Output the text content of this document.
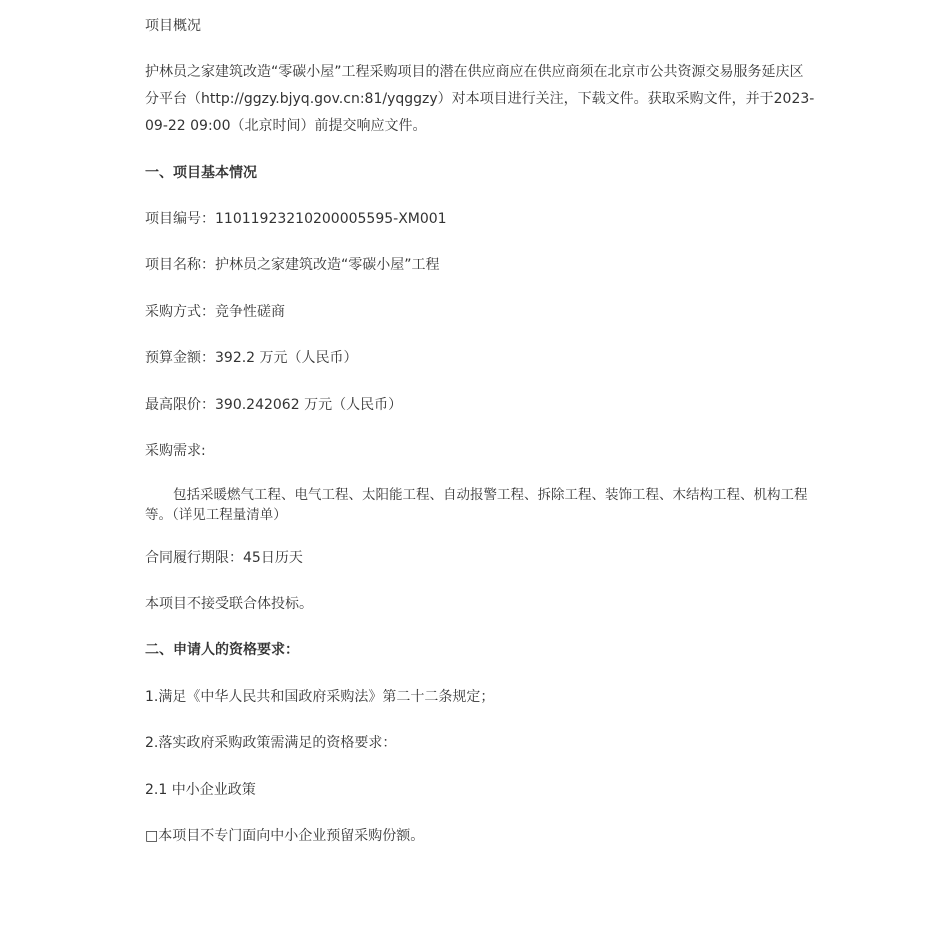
项目概况

护林员之家建筑改造“零碳小屋”工程采购项目的潜在供应商应在供应商须在北京市公共资源交易服务延庆区分平台（http://ggzy.bjyq.gov.cn:81/yqggzy）对本项目进行关注，下载文件。获取采购文件，并于2023-09-22 09:00（北京时间）前提交响应文件。

一、项目基本情况

项目编号：11011923210200005595-XM001

项目名称：护林员之家建筑改造“零碳小屋”工程

采购方式：竞争性磋商

预算金额：392.2 万元（人民币）

最高限价：390.242062 万元（人民币）

采购需求:

包括采暖燃气工程、电气工程、太阳能工程、自动报警工程、拆除工程、装饰工程、木结构工程、机构工程等。（详见工程量清单）

合同履行期限：45日历天

本项目不接受联合体投标。

二、申请人的资格要求：

1.满足《中华人民共和国政府采购法》第二十二条规定；

2.落实政府采购政策需满足的资格要求：

2.1 中小企业政策

□本项目不专门面向中小企业预留采购份额。
